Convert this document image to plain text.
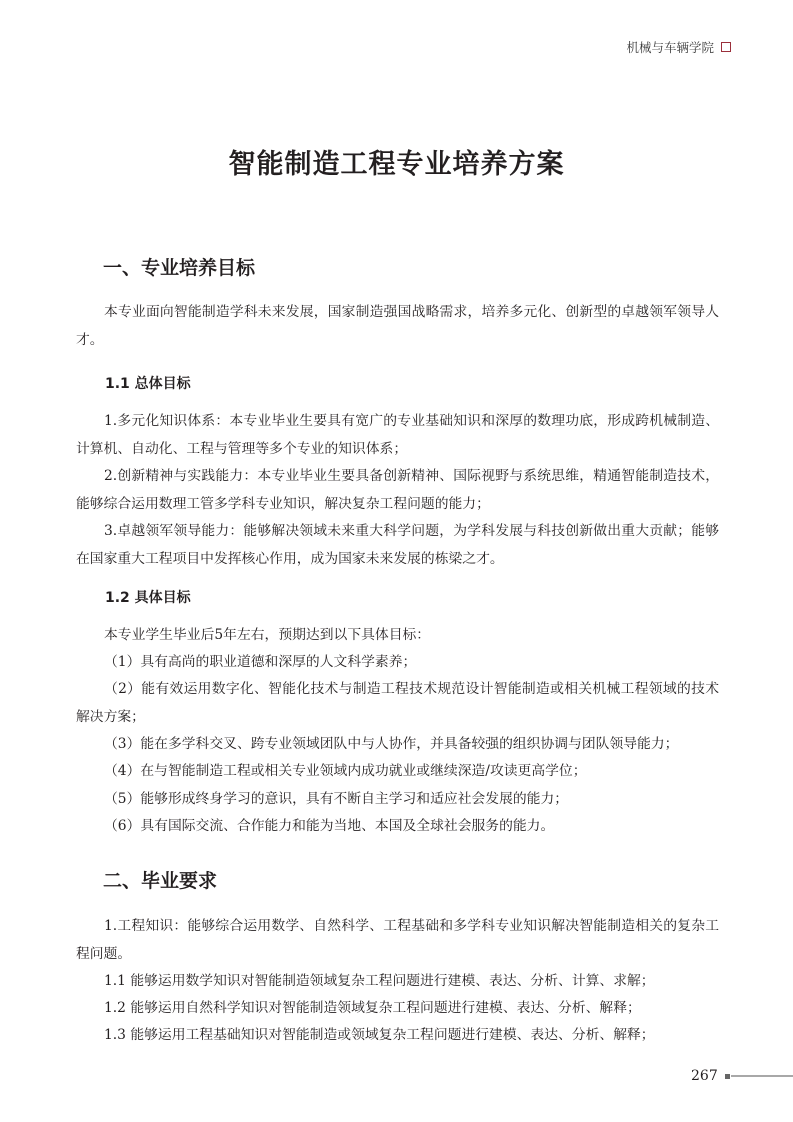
机械与车辆学院
智能制造工程专业培养方案
一、专业培养目标
本专业面向智能制造学科未来发展，国家制造强国战略需求，培养多元化、创新型的卓越领军领导人才。
1.1 总体目标
1.多元化知识体系：本专业毕业生要具有宽广的专业基础知识和深厚的数理功底，形成跨机械制造、计算机、自动化、工程与管理等多个专业的知识体系；
2.创新精神与实践能力：本专业毕业生要具备创新精神、国际视野与系统思维，精通智能制造技术，能够综合运用数理工管多学科专业知识，解决复杂工程问题的能力；
3.卓越领军领导能力：能够解决领域未来重大科学问题，为学科发展与科技创新做出重大贡献；能够在国家重大工程项目中发挥核心作用，成为国家未来发展的栋梁之才。
1.2 具体目标
本专业学生毕业后5年左右，预期达到以下具体目标：
（1）具有高尚的职业道德和深厚的人文科学素养；
（2）能有效运用数字化、智能化技术与制造工程技术规范设计智能制造或相关机械工程领域的技术解决方案；
（3）能在多学科交叉、跨专业领域团队中与人协作，并具备较强的组织协调与团队领导能力；
（4）在与智能制造工程或相关专业领域内成功就业或继续深造/攻读更高学位；
（5）能够形成终身学习的意识，具有不断自主学习和适应社会发展的能力；
（6）具有国际交流、合作能力和能为当地、本国及全球社会服务的能力。
二、毕业要求
1.工程知识：能够综合运用数学、自然科学、工程基础和多学科专业知识解决智能制造相关的复杂工程问题。
1.1 能够运用数学知识对智能制造领域复杂工程问题进行建模、表达、分析、计算、求解；
1.2 能够运用自然科学知识对智能制造领域复杂工程问题进行建模、表达、分析、解释；
1.3 能够运用工程基础知识对智能制造或领域复杂工程问题进行建模、表达、分析、解释；
267
